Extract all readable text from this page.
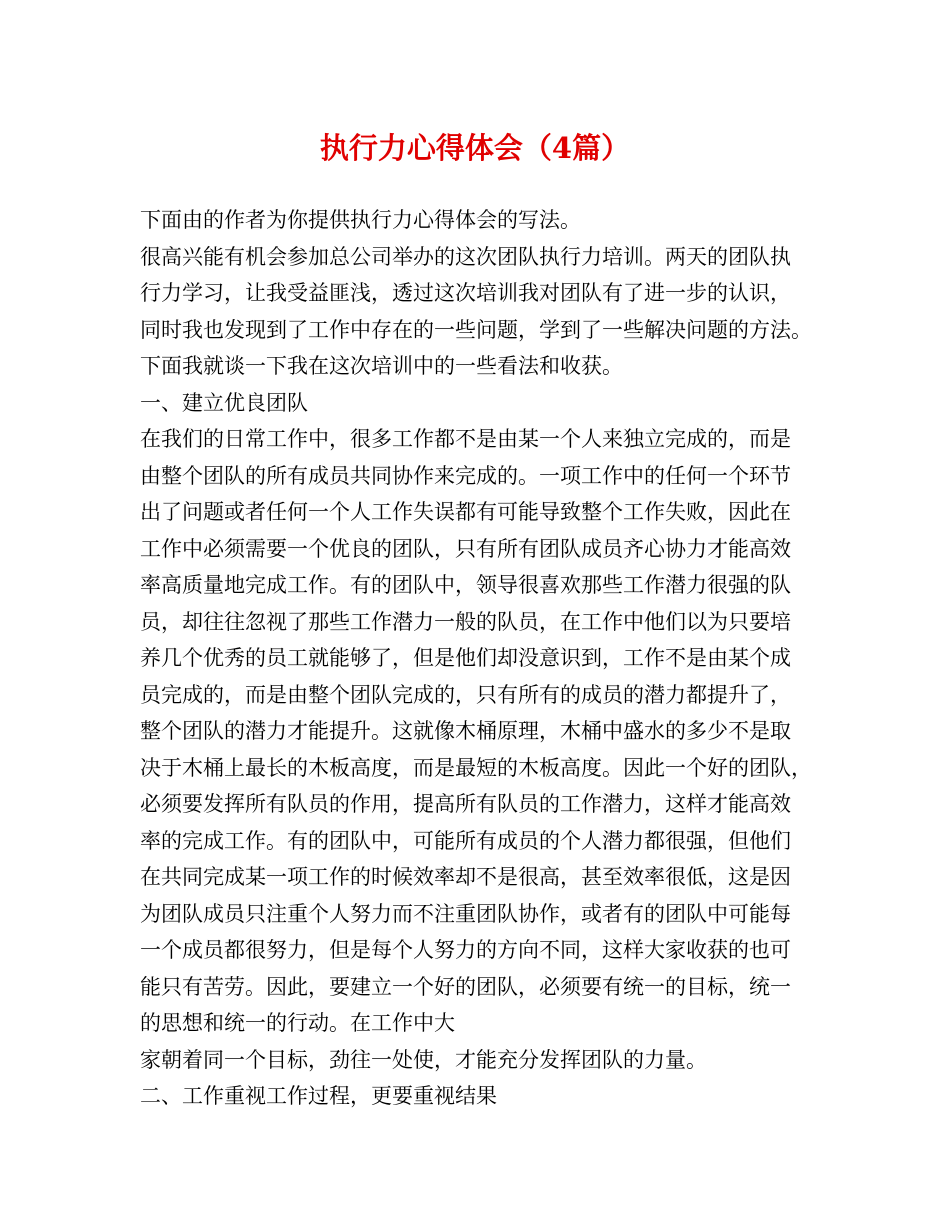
执行力心得体会（4篇）
下面由的作者为你提供执行力心得体会的写法。
很高兴能有机会参加总公司举办的这次团队执行力培训。两天的团队执
行力学习，让我受益匪浅，透过这次培训我对团队有了进一步的认识，
同时我也发现到了工作中存在的一些问题，学到了一些解决问题的方法。
下面我就谈一下我在这次培训中的一些看法和收获。
一、建立优良团队
在我们的日常工作中，很多工作都不是由某一个人来独立完成的，而是
由整个团队的所有成员共同协作来完成的。一项工作中的任何一个环节
出了问题或者任何一个人工作失误都有可能导致整个工作失败，因此在
工作中必须需要一个优良的团队，只有所有团队成员齐心协力才能高效
率高质量地完成工作。有的团队中，领导很喜欢那些工作潜力很强的队
员，却往往忽视了那些工作潜力一般的队员，在工作中他们以为只要培
养几个优秀的员工就能够了，但是他们却没意识到，工作不是由某个成
员完成的，而是由整个团队完成的，只有所有的成员的潜力都提升了，
整个团队的潜力才能提升。这就像木桶原理，木桶中盛水的多少不是取
决于木桶上最长的木板高度，而是最短的木板高度。因此一个好的团队，
必须要发挥所有队员的作用，提高所有队员的工作潜力，这样才能高效
率的完成工作。有的团队中，可能所有成员的个人潜力都很强，但他们
在共同完成某一项工作的时候效率却不是很高，甚至效率很低，这是因
为团队成员只注重个人努力而不注重团队协作，或者有的团队中可能每
一个成员都很努力，但是每个人努力的方向不同，这样大家收获的也可
能只有苦劳。因此，要建立一个好的团队，必须要有统一的目标，统一
的思想和统一的行动。在工作中大
家朝着同一个目标，劲往一处使，才能充分发挥团队的力量。
二、工作重视工作过程，更要重视结果
